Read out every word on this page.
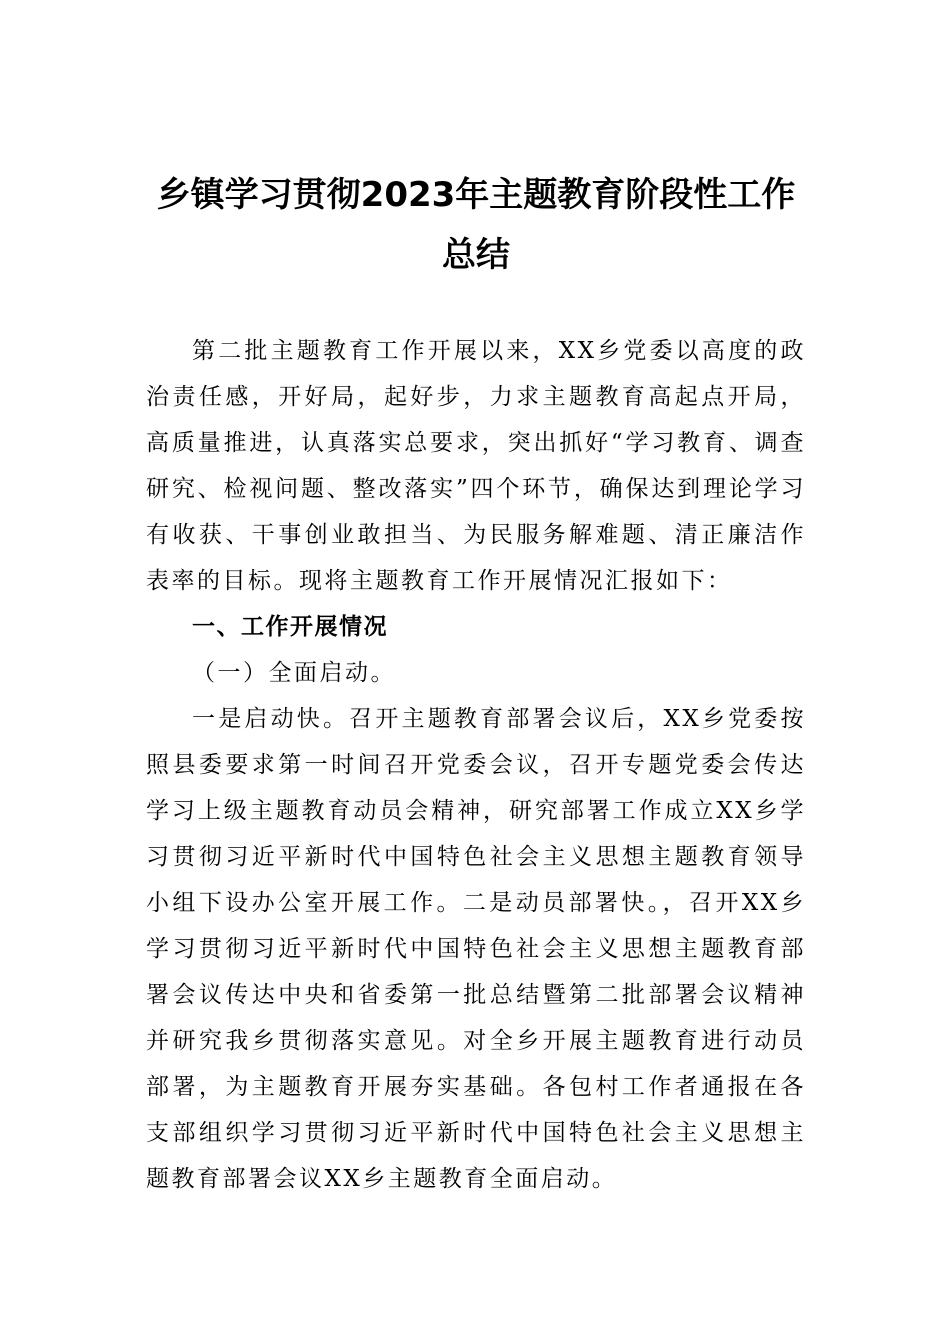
乡镇学习贯彻2023年主题教育阶段性工作
总结

第二批主题教育工作开展以来，XX乡党委以高度的政治责任感，开好局，起好步，力求主题教育高起点开局，高质量推进，认真落实总要求，突出抓好“学习教育、调查研究、检视问题、整改落实”四个环节，确保达到理论学习有收获、干事创业敢担当、为民服务解难题、清正廉洁作表率的目标。现将主题教育工作开展情况汇报如下：

一、工作开展情况

（一）全面启动。

一是启动快。召开主题教育部署会议后，XX乡党委按照县委要求第一时间召开党委会议，召开专题党委会传达学习上级主题教育动员会精神，研究部署工作成立XX乡学习贯彻习近平新时代中国特色社会主义思想主题教育领导小组下设办公室开展工作。二是动员部署快。，召开XX乡学习贯彻习近平新时代中国特色社会主义思想主题教育部署会议传达中央和省委第一批总结暨第二批部署会议精神并研究我乡贯彻落实意见。对全乡开展主题教育进行动员部署，为主题教育开展夯实基础。各包村工作者通报在各支部组织学习贯彻习近平新时代中国特色社会主义思想主题教育部署会议XX乡主题教育全面启动。
